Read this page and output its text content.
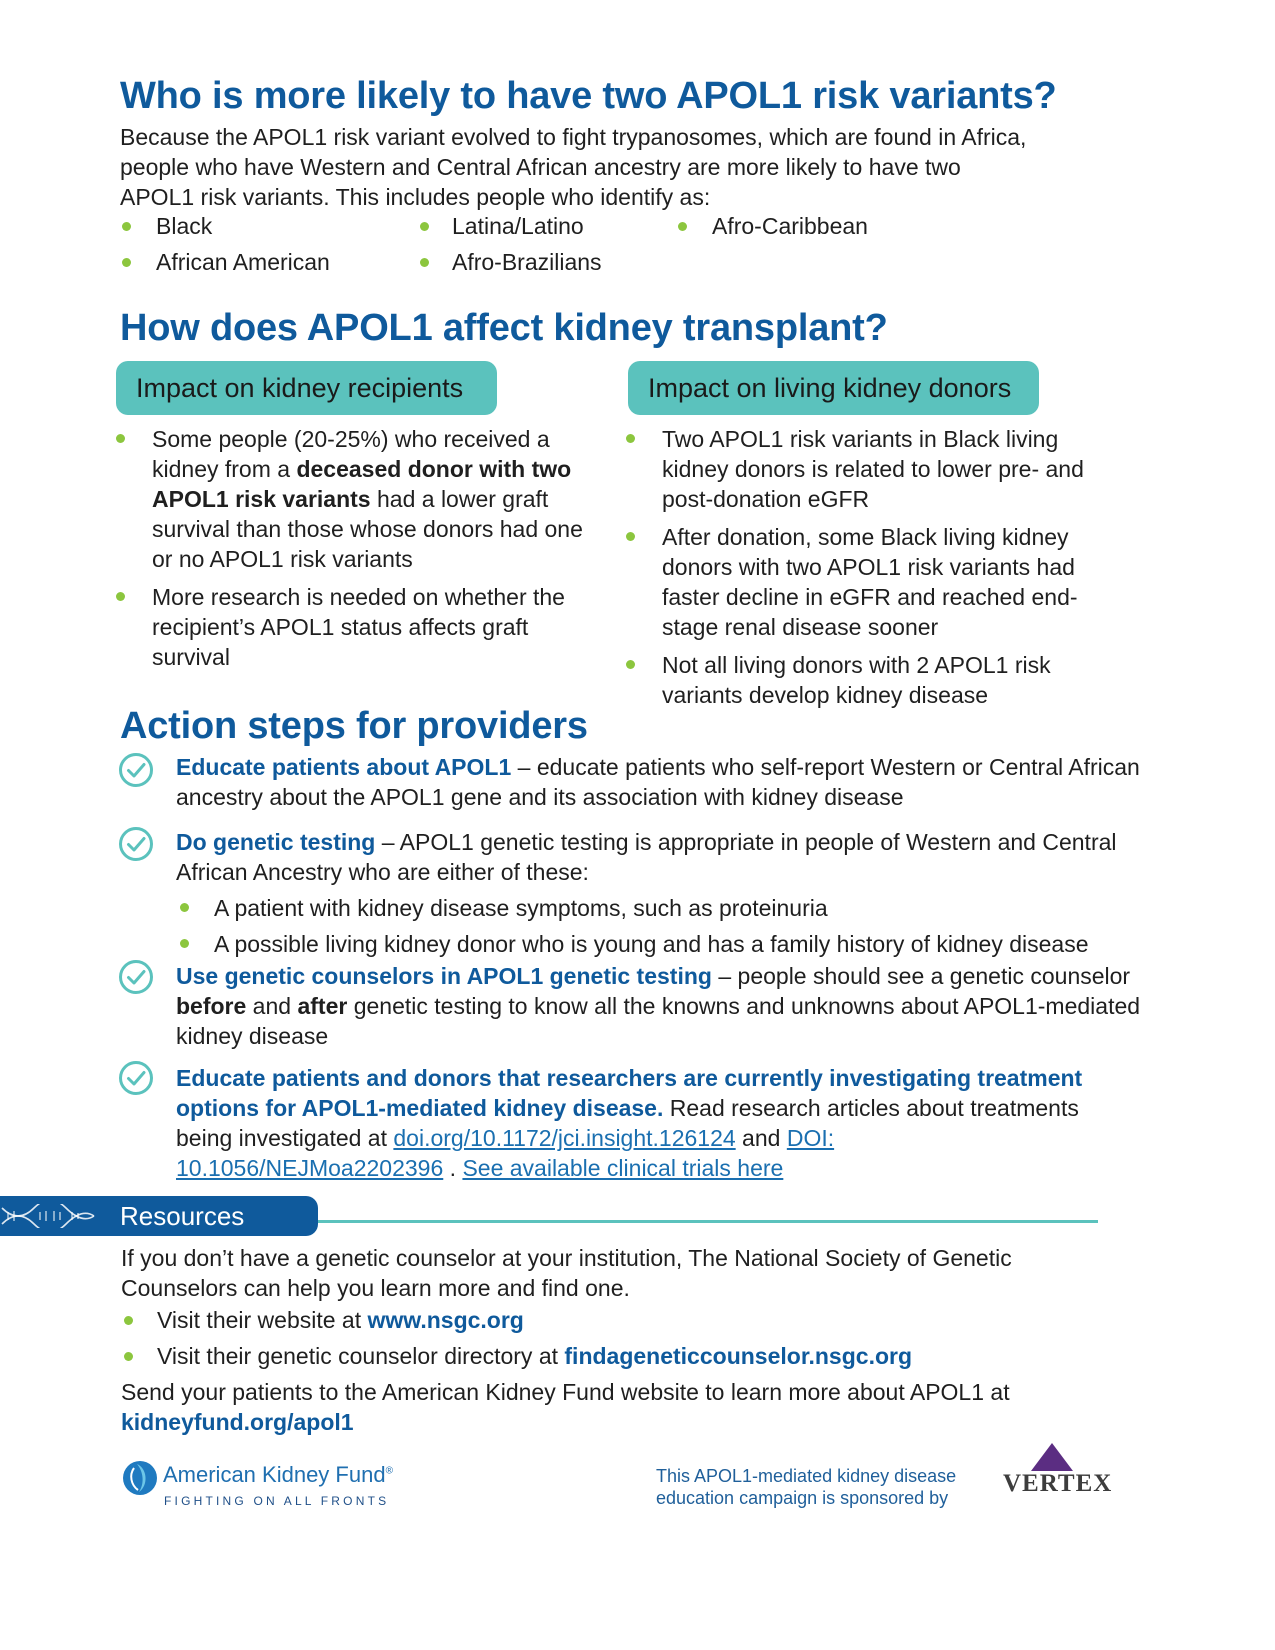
Who is more likely to have two APOL1 risk variants?

Because the APOL1 risk variant evolved to fight trypanosomes, which are found in Africa, people who have Western and Central African ancestry are more likely to have two APOL1 risk variants. This includes people who identify as:

Black
African American
Latina/Latino
Afro-Brazilians
Afro-Caribbean
How does APOL1 affect kidney transplant?
Impact on kidney recipients	Impact on living kidney donors
Some people (20-25%) who received a kidney from a deceased donor with two APOL1 risk variants had a lower graft survival than those whose donors had one or no APOL1 risk variants
More research is needed on whether the recipient’s APOL1 status affects graft survival
Two APOL1 risk variants in Black living kidney donors is related to lower pre- and post-donation eGFR
After donation, some Black living kidney donors with two APOL1 risk variants had faster decline in eGFR and reached end-stage renal disease sooner
Not all living donors with 2 APOL1 risk variants develop kidney disease
Action steps for providers
Educate patients about APOL1 – educate patients who self-report Western or Central African ancestry about the APOL1 gene and its association with kidney disease
Do genetic testing – APOL1 genetic testing is appropriate in people of Western and Central African Ancestry who are either of these:
A patient with kidney disease symptoms, such as proteinuria
A possible living kidney donor who is young and has a family history of kidney disease
Use genetic counselors in APOL1 genetic testing – people should see a genetic counselor before and after genetic testing to know all the knowns and unknowns about APOL1-mediated kidney disease
Educate patients and donors that researchers are currently investigating treatment options for APOL1-mediated kidney disease. Read research articles about treatments being investigated at doi.org/10.1172/jci.insight.126124 and DOI: 10.1056/NEJMoa2202396 . See available clinical trials here
Resources

If you don’t have a genetic counselor at your institution, The National Society of Genetic Counselors can help you learn more and find one.

Visit their website at www.nsgc.org
Visit their genetic counselor directory at findageneticcounselor.nsgc.org

Send your patients to the American Kidney Fund website to learn more about APOL1 at kidneyfund.org/apol1

American Kidney Fund®
FIGHTING ON ALL FRONTS
This APOL1-mediated kidney disease education campaign is sponsored by
VERTEX
